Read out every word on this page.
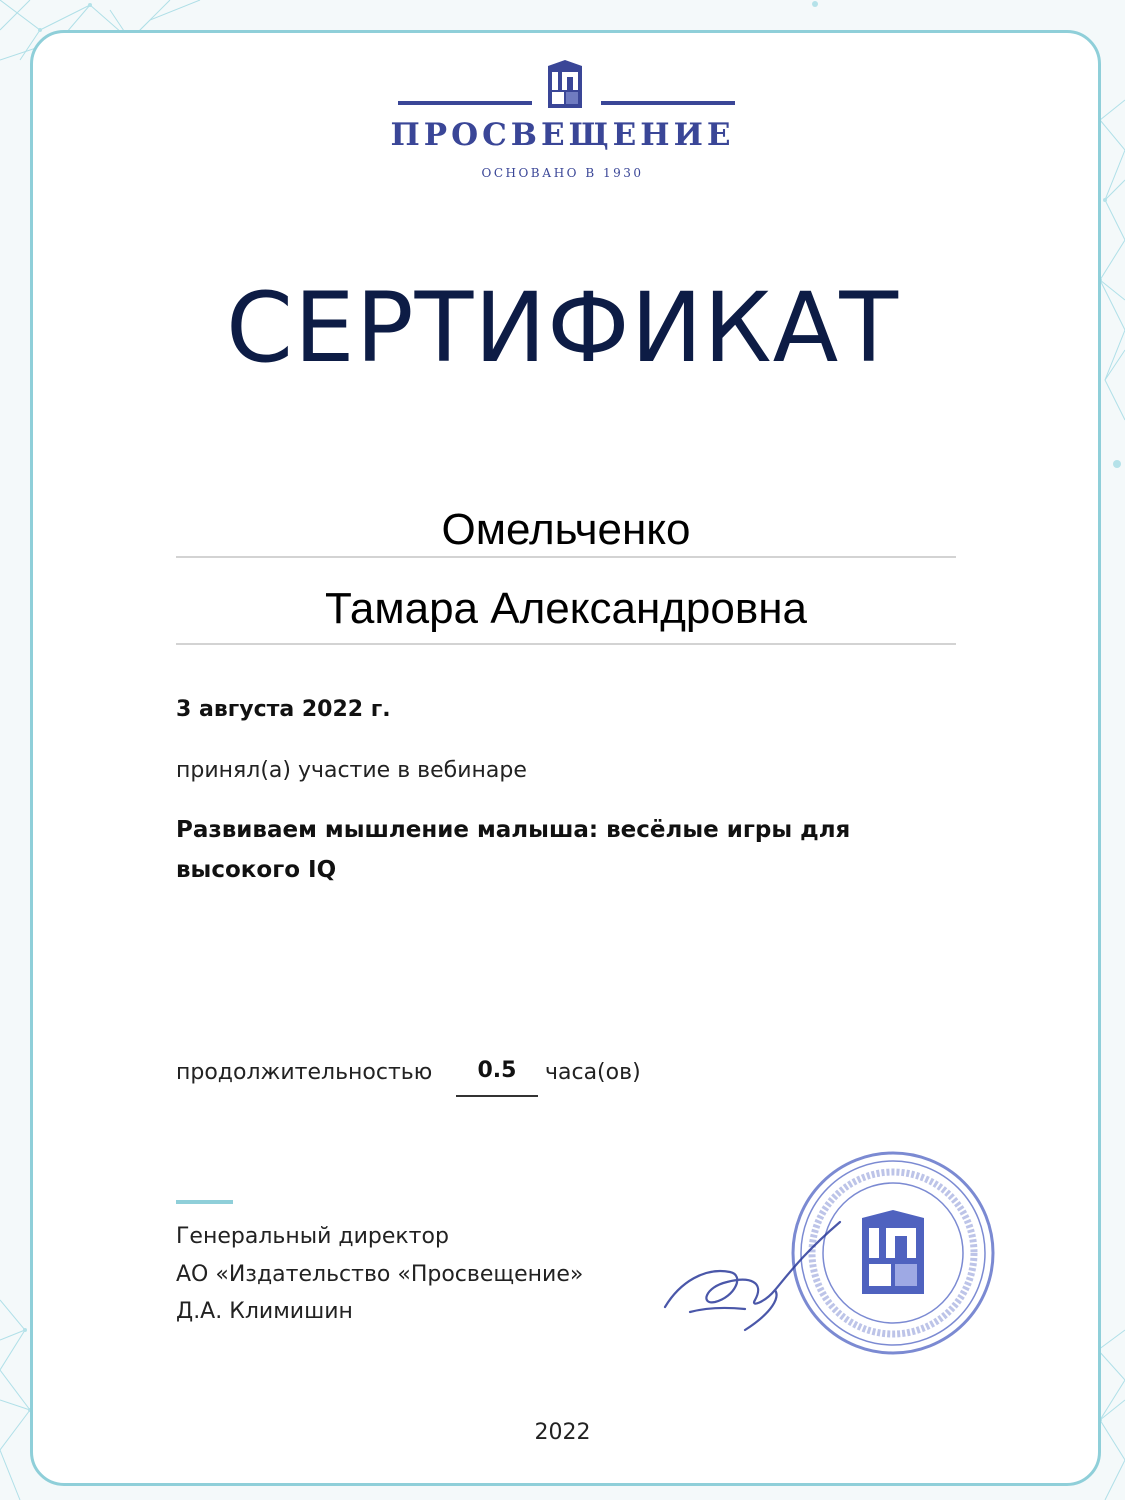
ПРОСВЕЩЕНИЕ
ОСНОВАНО В 1930
СЕРТИФИКАТ
Омельченко
Тамара Александровна
3 августа 2022 г.
принял(а) участие в вебинаре
Развиваем мышление малыша: весёлые игры для высокого IQ
продолжительностью	0.5	часа(ов)
Генеральный директор
АО «Издательство «Просвещение»
Д.А. Климишин
2022
